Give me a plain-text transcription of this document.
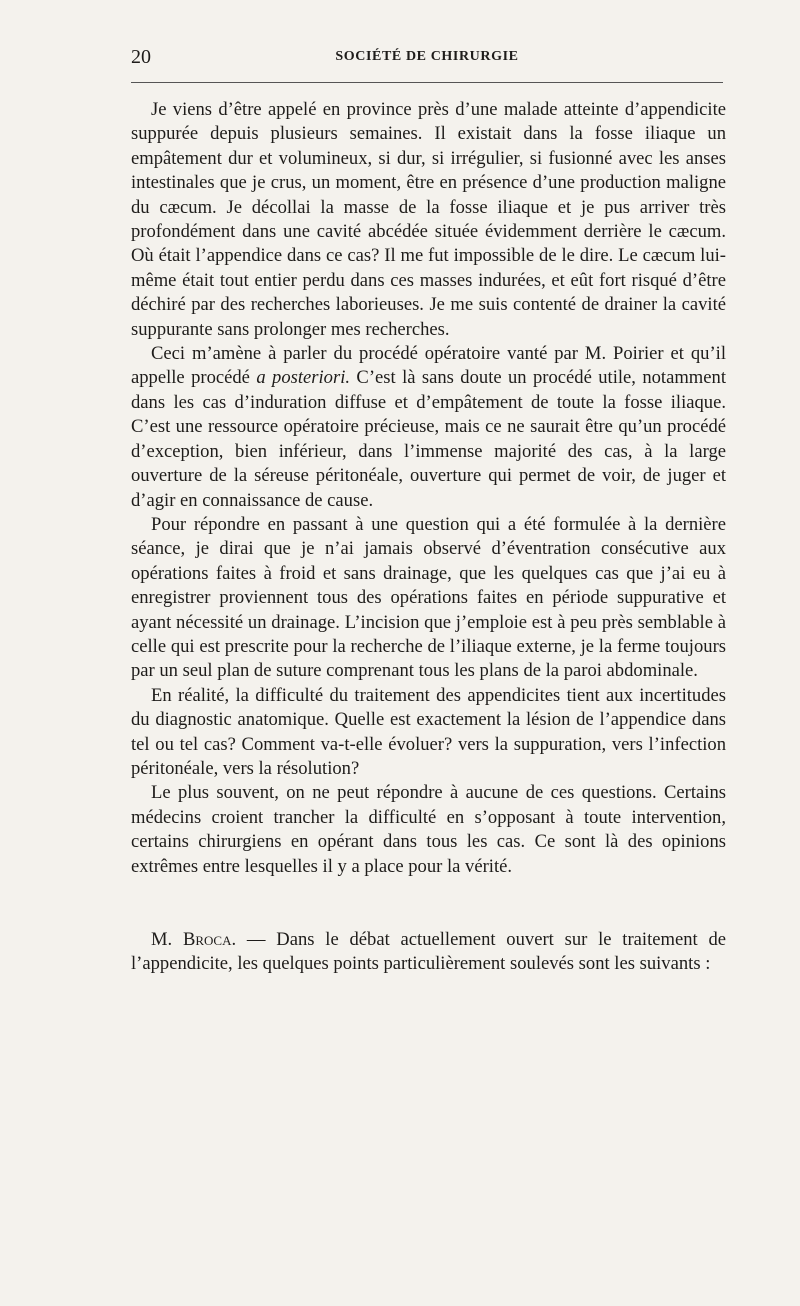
20	SOCIÉTÉ DE CHIRURGIE

Je viens d’être appelé en province près d’une malade atteinte d’appendicite suppurée depuis plusieurs semaines. Il existait dans la fosse iliaque un empâtement dur et volumineux, si dur, si irrégulier, si fusionné avec les anses intestinales que je crus, un moment, être en présence d’une production maligne du cæcum. Je décollai la masse de la fosse iliaque et je pus arriver très profondément dans une cavité abcédée située évidemment derrière le cæcum. Où était l’appendice dans ce cas? Il me fut impossible de le dire. Le cæcum lui-même était tout entier perdu dans ces masses indurées, et eût fort risqué d’être déchiré par des recherches laborieuses. Je me suis contenté de drainer la cavité suppurante sans prolonger mes recherches.

Ceci m’amène à parler du procédé opératoire vanté par M. Poirier et qu’il appelle procédé a posteriori. C’est là sans doute un procédé utile, notamment dans les cas d’induration diffuse et d’empâtement de toute la fosse iliaque. C’est une ressource opératoire précieuse, mais ce ne saurait être qu’un procédé d’exception, bien inférieur, dans l’immense majorité des cas, à la large ouverture de la séreuse péritonéale, ouverture qui permet de voir, de juger et d’agir en connaissance de cause.

Pour répondre en passant à une question qui a été formulée à la dernière séance, je dirai que je n’ai jamais observé d’éventration consécutive aux opérations faites à froid et sans drainage, que les quelques cas que j’ai eu à enregistrer proviennent tous des opérations faites en période suppurative et ayant nécessité un drainage. L’incision que j’emploie est à peu près semblable à celle qui est prescrite pour la recherche de l’iliaque externe, je la ferme toujours par un seul plan de suture comprenant tous les plans de la paroi abdominale.

En réalité, la difficulté du traitement des appendicites tient aux incertitudes du diagnostic anatomique. Quelle est exactement la lésion de l’appendice dans tel ou tel cas? Comment va-t-elle évoluer? vers la suppuration, vers l’infection péritonéale, vers la résolution?

Le plus souvent, on ne peut répondre à aucune de ces questions. Certains médecins croient trancher la difficulté en s’opposant à toute intervention, certains chirurgiens en opérant dans tous les cas. Ce sont là des opinions extrêmes entre lesquelles il y a place pour la vérité.

M. Broca. — Dans le débat actuellement ouvert sur le traitement de l’appendicite, les quelques points particulièrement soulevés sont les suivants :
